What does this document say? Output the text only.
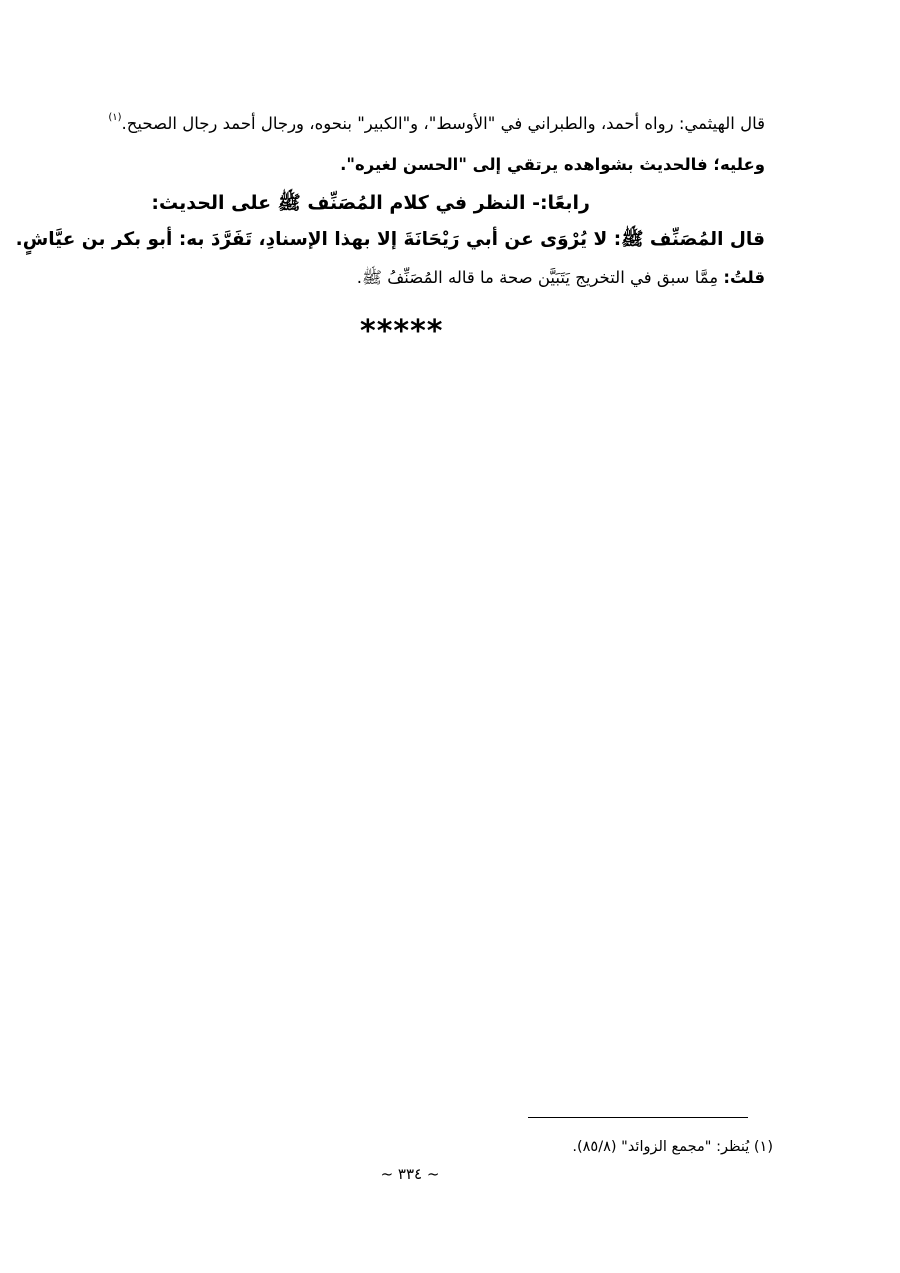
قال الهيثمي: رواه أحمد، والطبراني في "الأوسط"، و"الكبير" بنحوه، ورجال أحمد رجال الصحيح.$^{(١)}$
وعليه؛ فالحديث بشواهده يرتقي إلى "الحسن لغيره".
رابعًا:- النظر في كلام المُصَنِّف ﷺ على الحديث:
قال المُصَنِّف ﷺ: لا يُرْوَى عن أبي رَيْحَانَةَ إلا بهذا الإسنادِ، تَفَرَّدَ به: أبو بكر بن عيَّاشٍ.
قلتُ: مِمَّا سبق في التخريج يَتَبَيَّن صحة ما قاله المُصَنِّفُ ﷺ.
*****
(١) يُنظر: "مجمع الزوائد" (٨٥/٨).
~ ٣٣٤ ~
